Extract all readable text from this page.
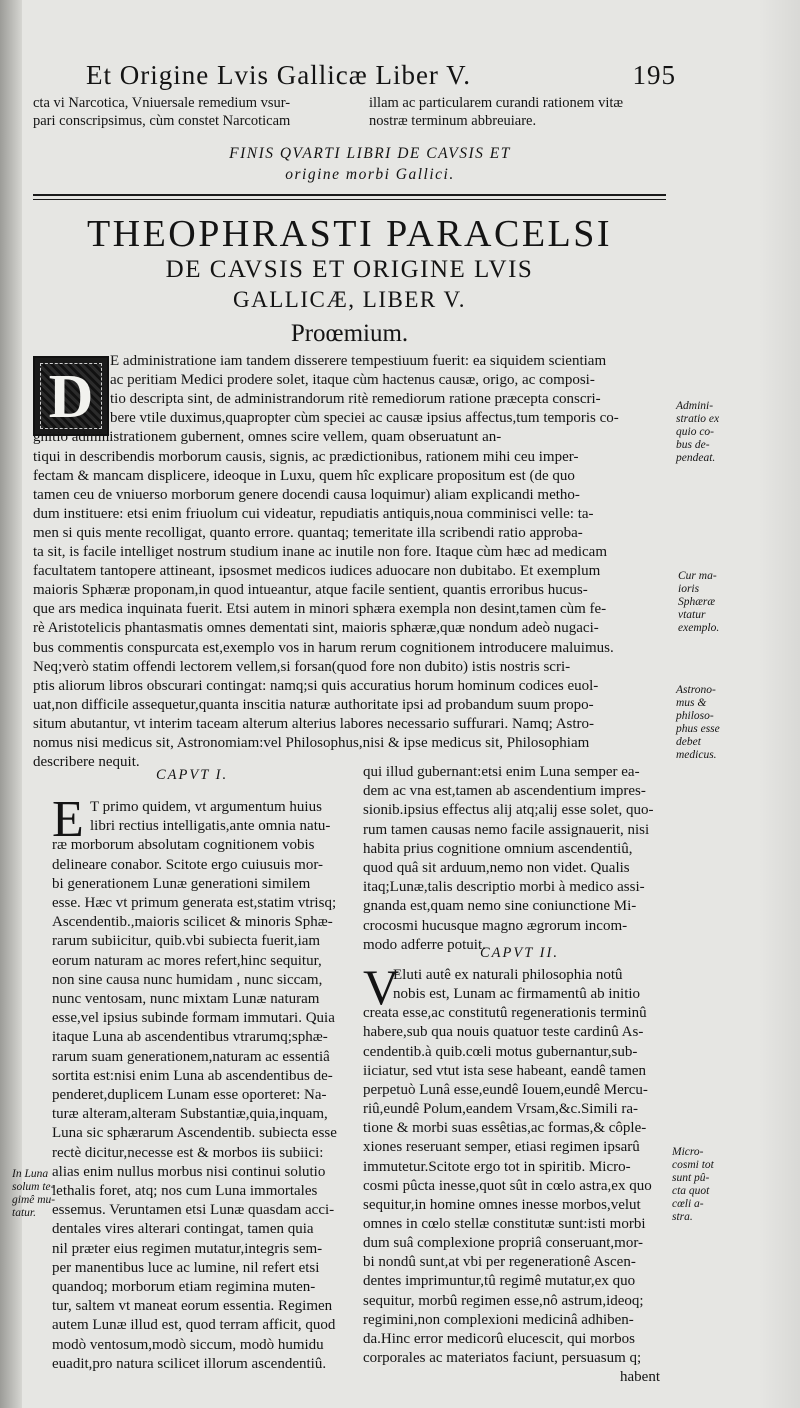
Et Origine Lvis Gallicæ Liber V.	195
cta vi Narcotica, Vniuersale remedium vsur-
pari conscripsimus, cùm constet Narcoticam
illam ac particularem curandi rationem vitæ
nostræ terminum abbreuiare.
FINIS QVARTI LIBRI DE CAVSIS ET
origine morbi Gallici.
THEOPHRASTI PARACELSI
DE CAVSIS ET ORIGINE LVIS
GALLICÆ, LIBER V.
Proœmium.
D
E administratione iam tandem disserere tempestiuum fuerit: ea siquidem scientiam
ac peritiam Medici prodere solet, itaque cùm hactenus causæ, origo, ac composi-
tio descripta sint, de administrandorum ritè remediorum ratione præcepta conscri-
bere vtile duximus,quapropter cùm speciei ac causæ ipsius affectus,tum temporis co-
gnitio administrationem gubernent, omnes scire vellem, quam obseruatunt an-
tiqui in describendis morborum causis, signis, ac prædictionibus, rationem mihi ceu imper-
fectam & mancam displicere, ideoque in Luxu, quem hîc explicare propositum est (de quo
tamen ceu de vniuerso morborum genere docendi causa loquimur) aliam explicandi metho-
dum instituere: etsi enim friuolum cui videatur, repudiatis antiquis,noua comminisci velle: ta-
men si quis mente recolligat, quanto errore. quantaq; temeritate illa scribendi ratio approba-
ta sit, is facile intelliget nostrum studium inane ac inutile non fore. Itaque cùm hæc ad medicam
facultatem tantopere attineant, ipsosmet medicos iudices aduocare non dubitabo. Et exemplum
maioris Sphæræ proponam,in quod intueantur, atque facile sentient, quantis erroribus hucus-
que ars medica inquinata fuerit. Etsi autem in minori sphæra exempla non desint,tamen cùm fe-
rè Aristotelicis phantasmatis omnes dementati sint, maioris sphæræ,quæ nondum adeò nugaci-
bus commentis conspurcata est,exemplo vos in harum rerum cognitionem introducere maluimus.
Neq;verò statim offendi lectorem vellem,si forsan(quod fore non dubito) istis nostris scri-
ptis aliorum libros obscurari contingat: namq;si quis accuratius horum hominum codices euol-
uat,non difficile assequetur,quanta inscitia naturæ authoritate ipsi ad probandum suum propo-
situm abutantur, vt interim taceam alterum alterius labores necessario suffurari. Namq; Astro-
nomus nisi medicus sit, Astronomiam:vel Philosophus,nisi & ipse medicus sit, Philosophiam
describere nequit.
CAPVT I.
E T primo quidem, vt argumentum huius
libri rectius intelligatis,ante omnia natu-
ræ morborum absolutam cognitionem vobis
delineare conabor. Scitote ergo cuiusuis mor-
bi generationem Lunæ generationi similem
esse. Hæc vt primum generata est,statim vtrisq;
Ascendentib.,maioris scilicet & minoris Sphæ-
rarum subiicitur, quib.vbi subiecta fuerit,iam
eorum naturam ac mores refert,hinc sequitur,
non sine causa nunc humidam , nunc siccam,
nunc ventosam, nunc mixtam Lunæ naturam
esse,vel ipsius subinde formam immutari. Quia
itaque Luna ab ascendentibus vtrarumq;sphæ-
rarum suam generationem,naturam ac essentiâ
sortita est:nisi enim Luna ab ascendentibus de-
penderet,duplicem Lunam esse oporteret: Na-
turæ alteram,alteram Substantiæ,quia,inquam,
Luna sic sphærarum Ascendentib. subiecta esse
rectè dicitur,necesse est & morbos iis subiici:
alias enim nullus morbus nisi continui solutio
lethalis foret, atq; nos cum Luna immortales
essemus. Veruntamen etsi Lunæ quasdam acci-
dentales vires alterari contingat, tamen quia
nil præter eius regimen mutatur,integris sem-
per manentibus luce ac lumine, nil refert etsi
quandoq; morborum etiam regimina muten-
tur, saltem vt maneat eorum essentia. Regimen
autem Lunæ illud est, quod terram afficit, quod
modò ventosum,modò siccum, modò humidu
euadit,pro natura scilicet illorum ascendentiû.
qui illud gubernant:etsi enim Luna semper ea-
dem ac vna est,tamen ab ascendentium impres-
sionib.ipsius effectus alij atq;alij esse solet, quo-
rum tamen causas nemo facile assignauerit, nisi
habita prius cognitione omnium ascendentiû,
quod quâ sit arduum,nemo non videt. Qualis
itaq;Lunæ,talis descriptio morbi à medico assi-
gnanda est,quam nemo sine coniunctione Mi-
crocosmi hucusque magno ægrorum incom-
modo adferre potuit.
CAPVT II.
V
Eluti autê ex naturali philosophia notû
nobis est, Lunam ac firmamentû ab initio
creata esse,ac constitutû regenerationis terminû
habere,sub qua nouis quatuor teste cardinû As-
cendentib.à quib.cœli motus gubernantur,sub-
iiciatur, sed vtut ista sese habeant, eandê tamen
perpetuò Lunâ esse,eundê Iouem,eundê Mercu-
riû,eundê Polum,eandem Vrsam,&c.Simili ra-
tione & morbi suas essêtias,ac formas,& côple-
xiones reseruant semper, etiasi regimen ipsarû
immutetur.Scitote ergo tot in spiritib. Micro-
cosmi pûcta inesse,quot sût in cœlo astra,ex quo
sequitur,in homine omnes inesse morbos,velut
omnes in cœlo stellæ constitutæ sunt:isti morbi
dum suâ complexione propriâ conseruant,mor-
bi nondû sunt,at vbi per regenerationê Ascen-
dentes imprimuntur,tû regimê mutatur,ex quo
sequitur, morbû regimen esse,nô astrum,ideoq;
regimini,non complexioni medicinâ adhiben-
da.Hinc error medicorû elucescit, qui morbos
corporales ac materiatos faciunt, persuasum q;
habent
Admini-
stratio ex
quio co-
bus de-
pendeat.
Cur ma-
ioris
Sphæræ
vtatur
exemplo.
Astrono-
mus &
philoso-
phus esse
debet
medicus.
Micro-
cosmi tot
sunt pû-
cta quot
cœli a-
stra.
In Luna
solum te-
gimê mu-
tatur.
